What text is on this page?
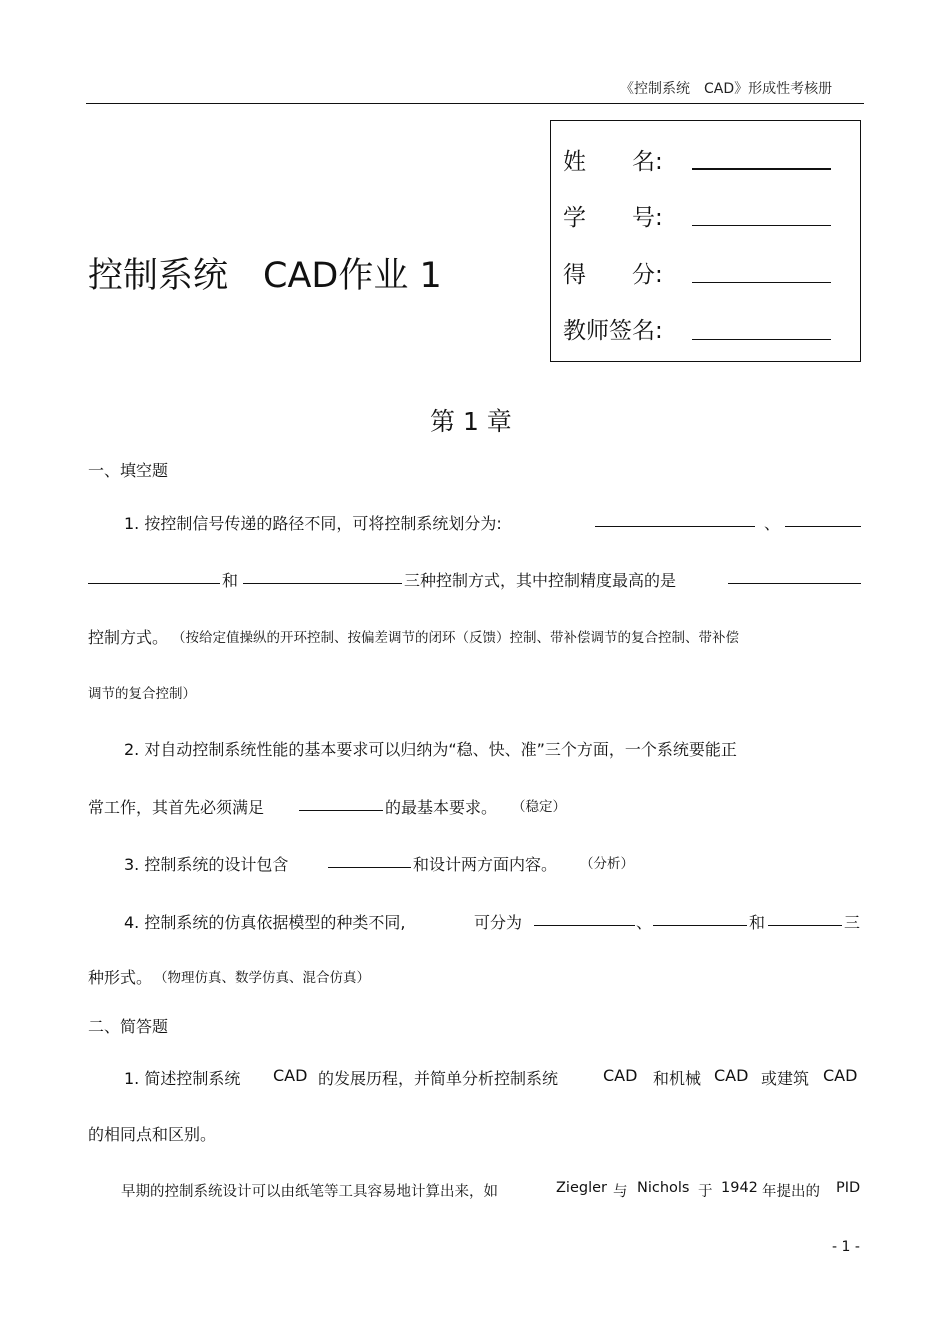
《控制系统　CAD》形成性考核册
控制系统　CAD作业 1
姓　　名:
学　　号:
得　　分:
教师签名:
第 1 章
一、填空题
1. 按控制信号传递的路径不同，可将控制系统划分为:	、
和	三种控制方式，其中控制精度最高的是
控制方式。 （按给定值操纵的开环控制、按偏差调节的闭环（反馈）控制、带补偿调节的复合控制、带补偿
调节的复合控制）
2. 对自动控制系统性能的基本要求可以归纳为“稳、快、准”三个方面，一个系统要能正
常工作，其首先必须满足	的最基本要求。 （稳定）
3. 控制系统的设计包含	和设计两方面内容。 （分析）
4. 控制系统的仿真依据模型的种类不同,	可分为	、	和	三
种形式。 （物理仿真、数学仿真、混合仿真）
二、简答题
1. 简述控制系统 CAD 的发展历程，并简单分析控制系统	CAD 和机械 CAD 或建筑 CAD
的相同点和区别。
早期的控制系统设计可以由纸笔等工具容易地计算出来，如	Ziegler 与 Nichols 于 1942 年提出的 PID
- 1 -
